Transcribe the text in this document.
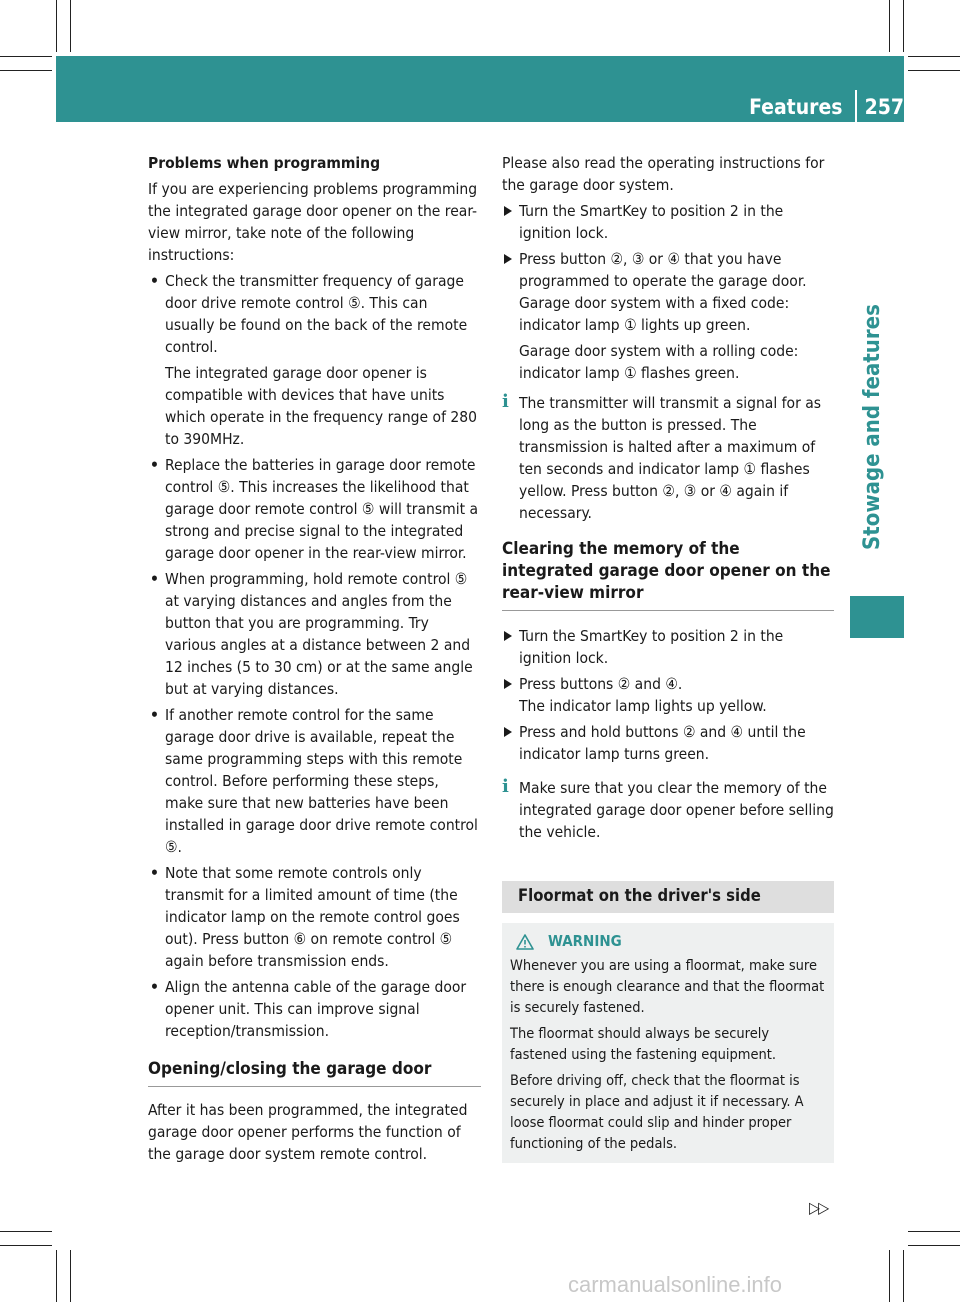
Features	257
Stowage and features

Problems when programming

If you are experiencing problems programming the integrated garage door opener on the rear-view mirror, take note of the following instructions:

• Check the transmitter frequency of garage door drive remote control ⑤. This can usually be found on the back of the remote control.
The integrated garage door opener is compatible with devices that have units which operate in the frequency range of 280 to 390MHz.
• Replace the batteries in garage door remote control ⑤. This increases the likelihood that garage door remote control ⑤ will transmit a strong and precise signal to the integrated garage door opener in the rear-view mirror.
• When programming, hold remote control ⑤ at varying distances and angles from the button that you are programming. Try various angles at a distance between 2 and 12 inches (5 to 30 cm) or at the same angle but at varying distances.
• If another remote control for the same garage door drive is available, repeat the same programming steps with this remote control. Before performing these steps, make sure that new batteries have been installed in garage door drive remote control ⑤.
• Note that some remote controls only transmit for a limited amount of time (the indicator lamp on the remote control goes out). Press button ⑥ on remote control ⑤ again before transmission ends.
• Align the antenna cable of the garage door opener unit. This can improve signal reception/transmission.
Opening/closing the garage door

After it has been programmed, the integrated garage door opener performs the function of the garage door system remote control.

Please also read the operating instructions for the garage door system.

Turn the SmartKey to position 2 in the ignition lock.
Press button ②, ③ or ④ that you have programmed to operate the garage door.
Garage door system with a fixed code: indicator lamp ① lights up green.
Garage door system with a rolling code: indicator lamp ① flashes green.
i The transmitter will transmit a signal for as long as the button is pressed. The transmission is halted after a maximum of ten seconds and indicator lamp ① flashes yellow. Press button ②, ③ or ④ again if necessary.
Clearing the memory of the integrated garage door opener on the rear-view mirror
Turn the SmartKey to position 2 in the ignition lock.
Press buttons ② and ④.
The indicator lamp lights up yellow.
Press and hold buttons ② and ④ until the indicator lamp turns green.
i Make sure that you clear the memory of the integrated garage door opener before selling the vehicle.
Floormat on the driver's side
WARNING

Whenever you are using a floormat, make sure there is enough clearance and that the floormat is securely fastened.

The floormat should always be securely fastened using the fastening equipment.

Before driving off, check that the floormat is securely in place and adjust it if necessary. A loose floormat could slip and hinder proper functioning of the pedals.

▷▷
carmanualsonline.info
